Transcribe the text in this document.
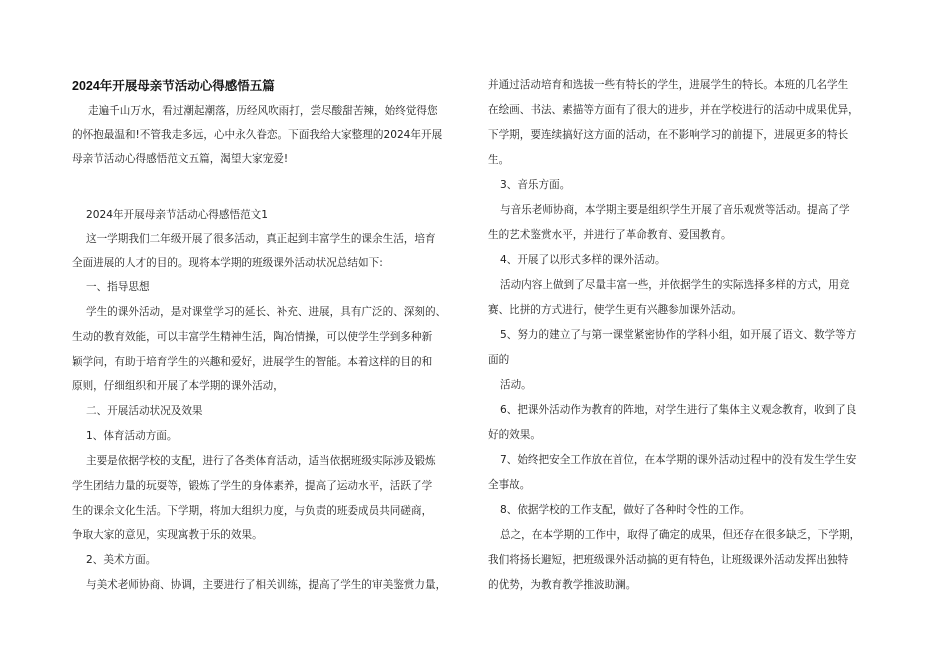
2024年开展母亲节活动心得感悟五篇
走遍千山万水，看过潮起潮落，历经风吹雨打，尝尽酸甜苦辣，始终觉得您
的怀抱最温和!不管我走多远，心中永久眷恋。下面我给大家整理的2024年开展
母亲节活动心得感悟范文五篇，渴望大家宠爱!
2024年开展母亲节活动心得感悟范文1
这一学期我们二年级开展了很多活动，真正起到丰富学生的课余生活，培育
全面进展的人才的目的。现将本学期的班级课外活动状况总结如下:
一、指导思想
学生的课外活动，是对课堂学习的延长、补充、进展，具有广泛的、深刻的、
生动的教育效能，可以丰富学生精神生活，陶冶情操，可以使学生学到多种新
颖学问，有助于培育学生的兴趣和爱好，进展学生的智能。本着这样的目的和
原则，仔细组织和开展了本学期的课外活动，
二、开展活动状况及效果
1、体育活动方面。
主要是依据学校的支配，进行了各类体育活动，适当依据班级实际涉及锻炼
学生团结力量的玩耍等，锻炼了学生的身体素养，提高了运动水平，活跃了学
生的课余文化生活。下学期，将加大组织力度，与负责的班委成员共同磋商，
争取大家的意见，实现寓教于乐的效果。
2、美术方面。
与美术老师协商、协调，主要进行了相关训练，提高了学生的审美鉴赏力量，
并通过活动培育和选拔一些有特长的学生，进展学生的特长。本班的几名学生
在绘画、书法、素描等方面有了很大的进步，并在学校进行的活动中成果优异，
下学期，要连续搞好这方面的活动，在不影响学习的前提下，进展更多的特长
生。
3、音乐方面。
与音乐老师协商，本学期主要是组织学生开展了音乐观赏等活动。提高了学
生的艺术鉴赏水平，并进行了革命教育、爱国教育。
4、开展了以形式多样的课外活动。
活动内容上做到了尽量丰富一些，并依据学生的实际选择多样的方式，用竞
赛、比拼的方式进行，使学生更有兴趣参加课外活动。
5、努力的建立了与第一课堂紧密协作的学科小组，如开展了语文、数学等方
面的
活动。
6、把课外活动作为教育的阵地，对学生进行了集体主义观念教育，收到了良
好的效果。
7、始终把安全工作放在首位，在本学期的课外活动过程中的没有发生学生安
全事故。
8、依据学校的工作支配，做好了各种时令性的工作。
总之，在本学期的工作中，取得了确定的成果，但还存在很多缺乏，下学期，
我们将扬长避短，把班级课外活动搞的更有特色，让班级课外活动发挥出独特
的优势，为教育教学推波助澜。
